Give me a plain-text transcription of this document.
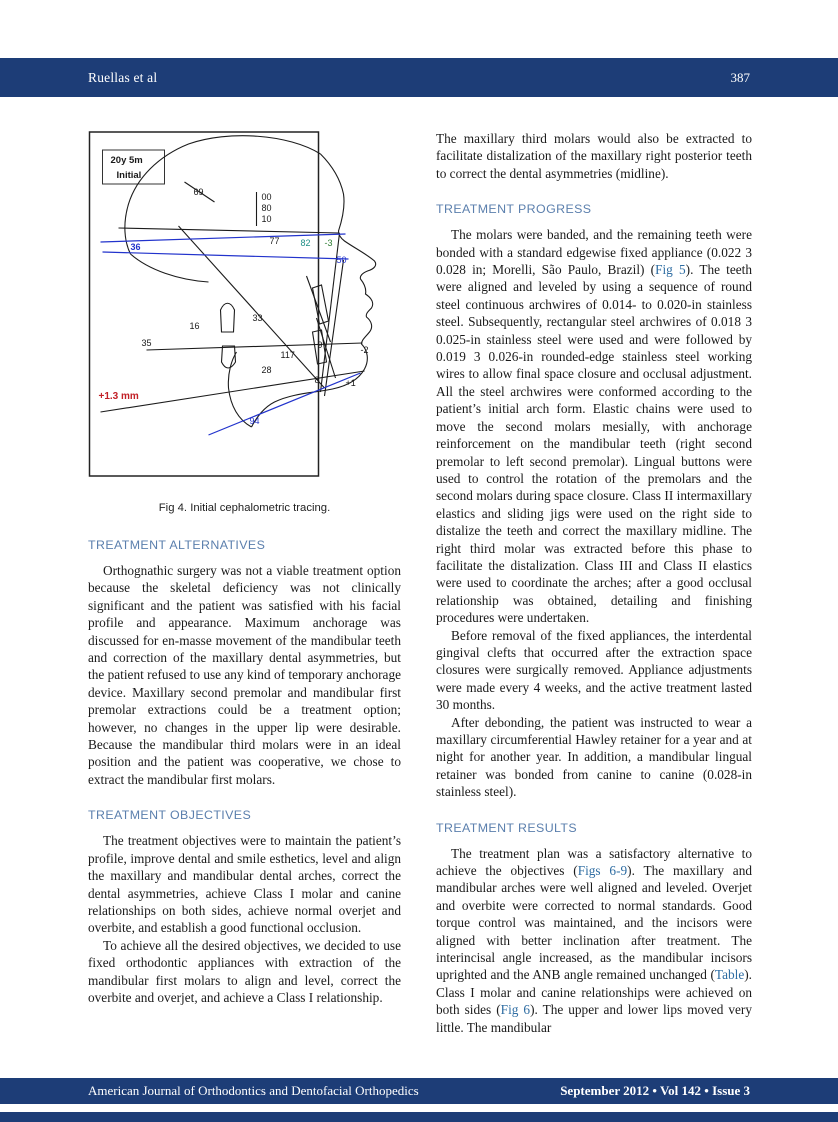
Ruellas et al	387
20y 5m
Initial
69	00
80
10
36
77 82 -3
50
16
33
35	9
117	-2
28
8	+1
+1.3 mm
94
Fig 4. Initial cephalometric tracing.
TREATMENT ALTERNATIVES

Orthognathic surgery was not a viable treatment option because the skeletal deficiency was not clinically significant and the patient was satisfied with his facial profile and appearance. Maximum anchorage was discussed for en-masse movement of the mandibular teeth and correction of the maxillary dental asymmetries, but the patient refused to use any kind of temporary anchorage device. Maxillary second premolar and mandibular first premolar extractions could be a treatment option; however, no changes in the upper lip were desirable. Because the mandibular third molars were in an ideal position and the patient was cooperative, we chose to extract the mandibular first molars.

TREATMENT OBJECTIVES

The treatment objectives were to maintain the patient’s profile, improve dental and smile esthetics, level and align the maxillary and mandibular dental arches, correct the dental asymmetries, achieve Class I molar and canine relationships on both sides, achieve normal overjet and overbite, and establish a good functional occlusion.

To achieve all the desired objectives, we decided to use fixed orthodontic appliances with extraction of the mandibular first molars to align and level, correct the overbite and overjet, and achieve a Class I relationship.

The maxillary third molars would also be extracted to facilitate distalization of the maxillary right posterior teeth to correct the dental asymmetries (midline).

TREATMENT PROGRESS

The molars were banded, and the remaining teeth were bonded with a standard edgewise fixed appliance (0.022 3 0.028 in; Morelli, São Paulo, Brazil) (Fig 5). The teeth were aligned and leveled by using a sequence of round steel continuous archwires of 0.014- to 0.020-in stainless steel. Subsequently, rectangular steel archwires of 0.018 3 0.025-in stainless steel were used and were followed by 0.019 3 0.026-in rounded-edge stainless steel working wires to allow final space closure and occlusal adjustment. All the steel archwires were conformed according to the patient’s initial arch form. Elastic chains were used to move the second molars mesially, with anchorage reinforcement on the mandibular teeth (right second premolar to left second premolar). Lingual buttons were used to control the rotation of the premolars and the second molars during space closure. Class II intermaxillary elastics and sliding jigs were used on the right side to distalize the teeth and correct the maxillary midline. The right third molar was extracted before this phase to facilitate the distalization. Class III and Class II elastics were used to coordinate the arches; after a good occlusal relationship was obtained, detailing and finishing procedures were undertaken.

Before removal of the fixed appliances, the interdental gingival clefts that occurred after the extraction space closures were surgically removed. Appliance adjustments were made every 4 weeks, and the active treatment lasted 30 months.

After debonding, the patient was instructed to wear a maxillary circumferential Hawley retainer for a year and at night for another year. In addition, a mandibular lingual retainer was bonded from canine to canine (0.028-in stainless steel).

TREATMENT RESULTS

The treatment plan was a satisfactory alternative to achieve the objectives (Figs 6-9). The maxillary and mandibular arches were well aligned and leveled. Overjet and overbite were corrected to normal standards. Good torque control was maintained, and the incisors were aligned with better inclination after treatment. The interincisal angle increased, as the mandibular incisors uprighted and the ANB angle remained unchanged (Table). Class I molar and canine relationships were achieved on both sides (Fig 6). The upper and lower lips moved very little. The mandibular

American Journal of Orthodontics and Dentofacial Orthopedics	September 2012 • Vol 142 • Issue 3
